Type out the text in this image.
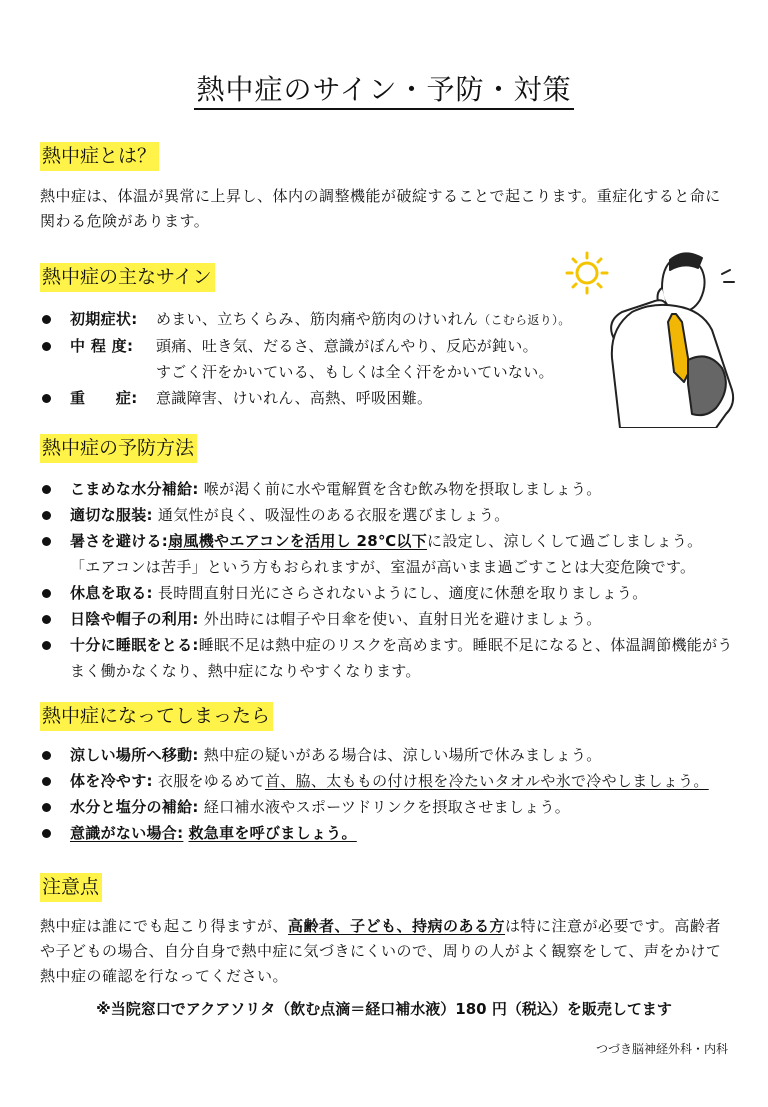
熱中症のサイン・予防・対策
熱中症とは？
熱中症は、体温が異常に上昇し、体内の調整機能が破綻することで起こります。重症化すると命に関わる危険があります。
熱中症の主なサイン
初期症状: めまい、立ちくらみ、筋肉痛や筋肉のけいれん（こむら返り）。
中 程 度: 頭痛、吐き気、だるさ、意識がぼんやり、反応が鈍い。
すごく汗をかいている、もしくは全く汗をかいていない。
重　　症: 意識障害、けいれん、高熱、呼吸困難。
熱中症の予防方法
こまめな水分補給: 喉が渇く前に水や電解質を含む飲み物を摂取しましょう。
適切な服装: 通気性が良く、吸湿性のある衣服を選びましょう。
暑さを避ける:扇風機やエアコンを活用し 28℃以下に設定し、涼しくして過ごしましょう。
「エアコンは苦手」という方もおられますが、室温が高いまま過ごすことは大変危険です。
休息を取る: 長時間直射日光にさらされないようにし、適度に休憩を取りましょう。
日陰や帽子の利用: 外出時には帽子や日傘を使い、直射日光を避けましょう。
十分に睡眠をとる:睡眠不足は熱中症のリスクを高めます。睡眠不足になると、体温調節機能がうまく働かなくなり、熱中症になりやすくなります。
熱中症になってしまったら
涼しい場所へ移動: 熱中症の疑いがある場合は、涼しい場所で休みましょう。
体を冷やす: 衣服をゆるめて首、脇、太ももの付け根を冷たいタオルや氷で冷やしましょう。
水分と塩分の補給: 経口補水液やスポーツドリンクを摂取させましょう。
意識がない場合: 救急車を呼びましょう。
注意点
熱中症は誰にでも起こり得ますが、高齢者、子ども、持病のある方は特に注意が必要です。高齢者や子どもの場合、自分自身で熱中症に気づきにくいので、周りの人がよく観察をして、声をかけて熱中症の確認を行なってください。
※当院窓口でアクアソリタ（飲む点滴＝経口補水液）180 円（税込）を販売してます
つづき脳神経外科・内科
